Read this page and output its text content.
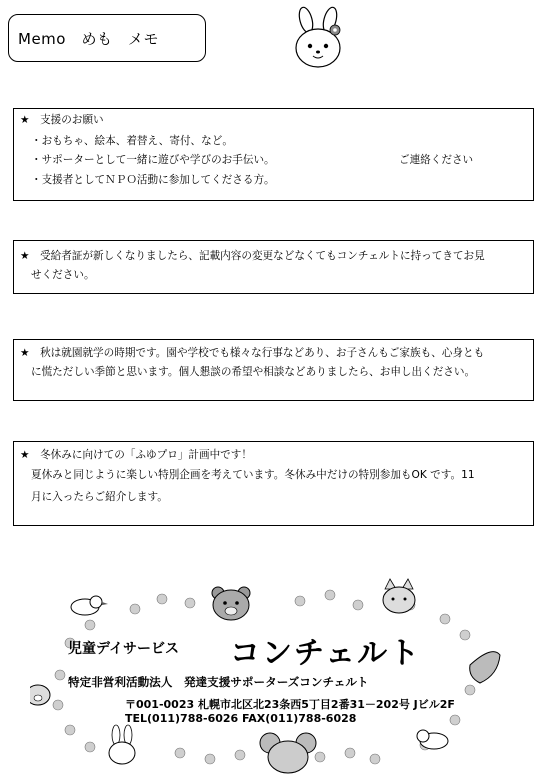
Memo　めも　メモ
★　支援のお願い
・おもちゃ、絵本、着替え、寄付、など。
・サポーターとして一緒に遊びや学びのお手伝い。	ご連絡ください
・支援者としてＮＰＯ活動に参加してくださる方。
★　受給者証が新しくなりましたら、記載内容の変更などなくてもコンチェルトに持ってきてお見
せください。
★　秋は就園就学の時期です。園や学校でも様々な行事などあり、お子さんもご家族も、心身とも
に慌ただしい季節と思います。個人懇談の希望や相談などありましたら、お申し出ください。
★　冬休みに向けての「ふゆプロ」計画中です！
夏休みと同じように楽しい特別企画を考えています。冬休み中だけの特別参加もOK です。11
月に入ったらご紹介します。
児童デイサービス コンチェルト
特定非営利活動法人　発達支援サポーターズコンチェルト
〒001-0023 札幌市北区北23条西5丁目2番31－202号 Jビル2F
TEL(011)788-6026 FAX(011)788-6028
